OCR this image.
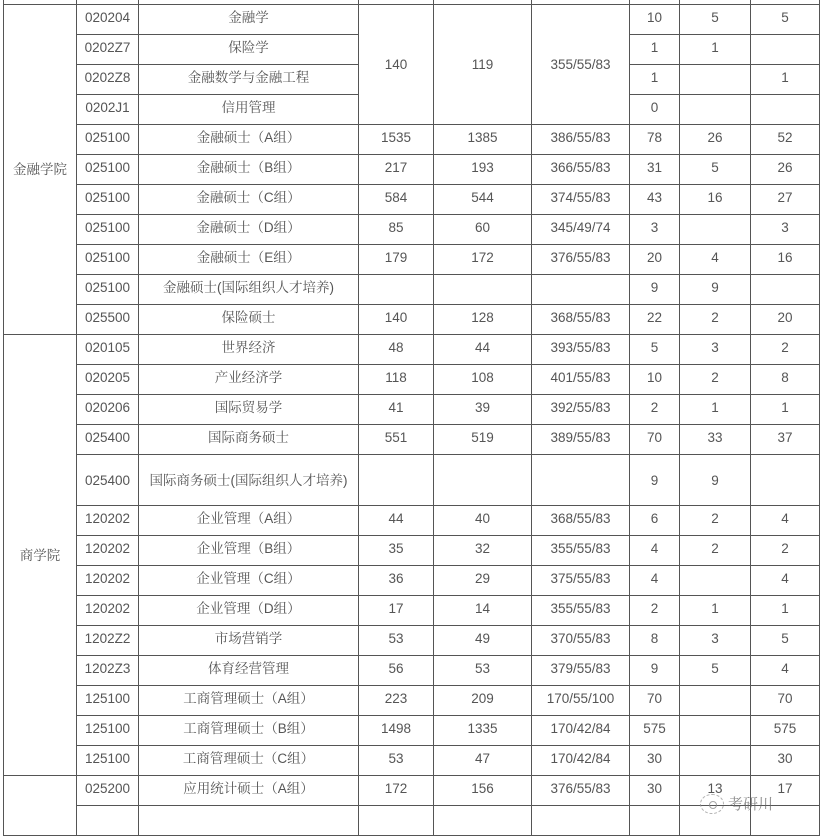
金融学院	020204	金融学	140	119	355/55/83	10	5	5
	0202Z7	保险学				1	1	
	0202Z8	金融数学与金融工程				1		1
	0202J1	信用管理				0		
	025100	金融硕士（A组）	1535	1385	386/55/83	78	26	52
	025100	金融硕士（B组）	217	193	366/55/83	31	5	26
	025100	金融硕士（C组）	584	544	374/55/83	43	16	27
	025100	金融硕士（D组）	85	60	345/49/74	3		3
	025100	金融硕士（E组）	179	172	376/55/83	20	4	16
	025100	金融硕士(国际组织人才培养)				9	9	
	025500	保险硕士	140	128	368/55/83	22	2	20
商学院	020105	世界经济	48	44	393/55/83	5	3	2
	020205	产业经济学	118	108	401/55/83	10	2	8
	020206	国际贸易学	41	39	392/55/83	2	1	1
	025400	国际商务硕士	551	519	389/55/83	70	33	37
	025400	国际商务硕士(国际组织人才培养)				9	9	
	120202	企业管理（A组）	44	40	368/55/83	6	2	4
	120202	企业管理（B组）	35	32	355/55/83	4	2	2
	120202	企业管理（C组）	36	29	375/55/83	4		4
	120202	企业管理（D组）	17	14	355/55/83	2	1	1
	1202Z2	市场营销学	53	49	370/55/83	8	3	5
	1202Z3	体育经营管理	56	53	379/55/83	9	5	4
	125100	工商管理硕士（A组）	223	209	170/55/100	70		70
	125100	工商管理硕士（B组）	1498	1335	170/42/84	575		575
	125100	工商管理硕士（C组）	53	47	170/42/84	30		30
	025200	应用统计硕士（A组）	172	156	376/55/83	30	13	17

考研川
